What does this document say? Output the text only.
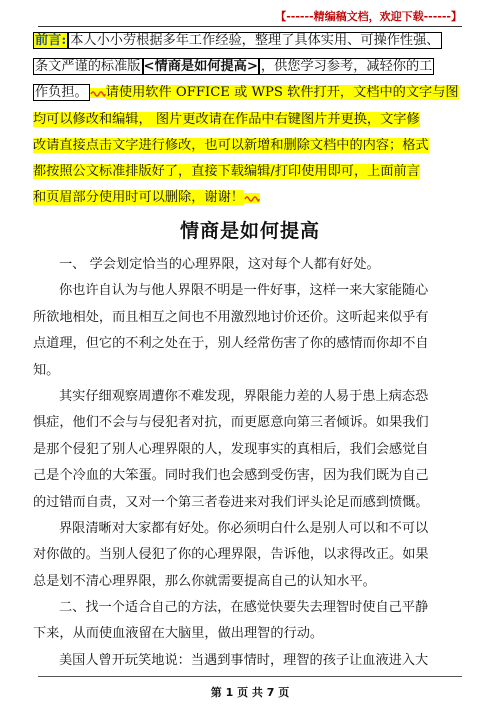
【------精编稿文档，欢迎下载------】
前言: 本人小小劳根据多年工作经验，整理了具体实用、可操作性强、
条文严谨的标准版 <情商是如何提高> ，供您学习参考，减轻你的工
作负担。 请使用软件 OFFICE 或 WPS 软件打开，文档中的文字与图
均可以修改和编辑， 图片更改请在作品中右键图片并更换，文字修
改请直接点击文字进行修改，也可以新增和删除文档中的内容；格式
都按照公文标准排版好了，直接下载编辑/打印使用即可，上面前言
和页眉部分使用时可以删除，谢谢！
情商是如何提高
一、 学会划定恰当的心理界限，这对每个人都有好处。
你也许自认为与他人界限不明是一件好事，这样一来大家能随心
所欲地相处，而且相互之间也不用激烈地讨价还价。这听起来似乎有
点道理，但它的不利之处在于，别人经常伤害了你的感情而你却不自
知。
其实仔细观察周遭你不难发现，界限能力差的人易于患上病态恐
惧症，他们不会与与侵犯者对抗，而更愿意向第三者倾诉。如果我们
是那个侵犯了别人心理界限的人，发现事实的真相后，我们会感觉自
己是个冷血的大笨蛋。同时我们也会感到受伤害，因为我们既为自己
的过错而自责，又对一个第三者卷进来对我们评头论足而感到愤慨。
界限清晰对大家都有好处。你必须明白什么是别人可以和不可以
对你做的。当别人侵犯了你的心理界限，告诉他，以求得改正。如果
总是划不清心理界限，那么你就需要提高自己的认知水平。
二、找一个适合自己的方法，在感觉快要失去理智时使自己平静
下来，从而使血液留在大脑里，做出理智的行动。
美国人曾开玩笑地说：当遇到事情时，理智的孩子让血液进入大
第 1 页 共 7 页
